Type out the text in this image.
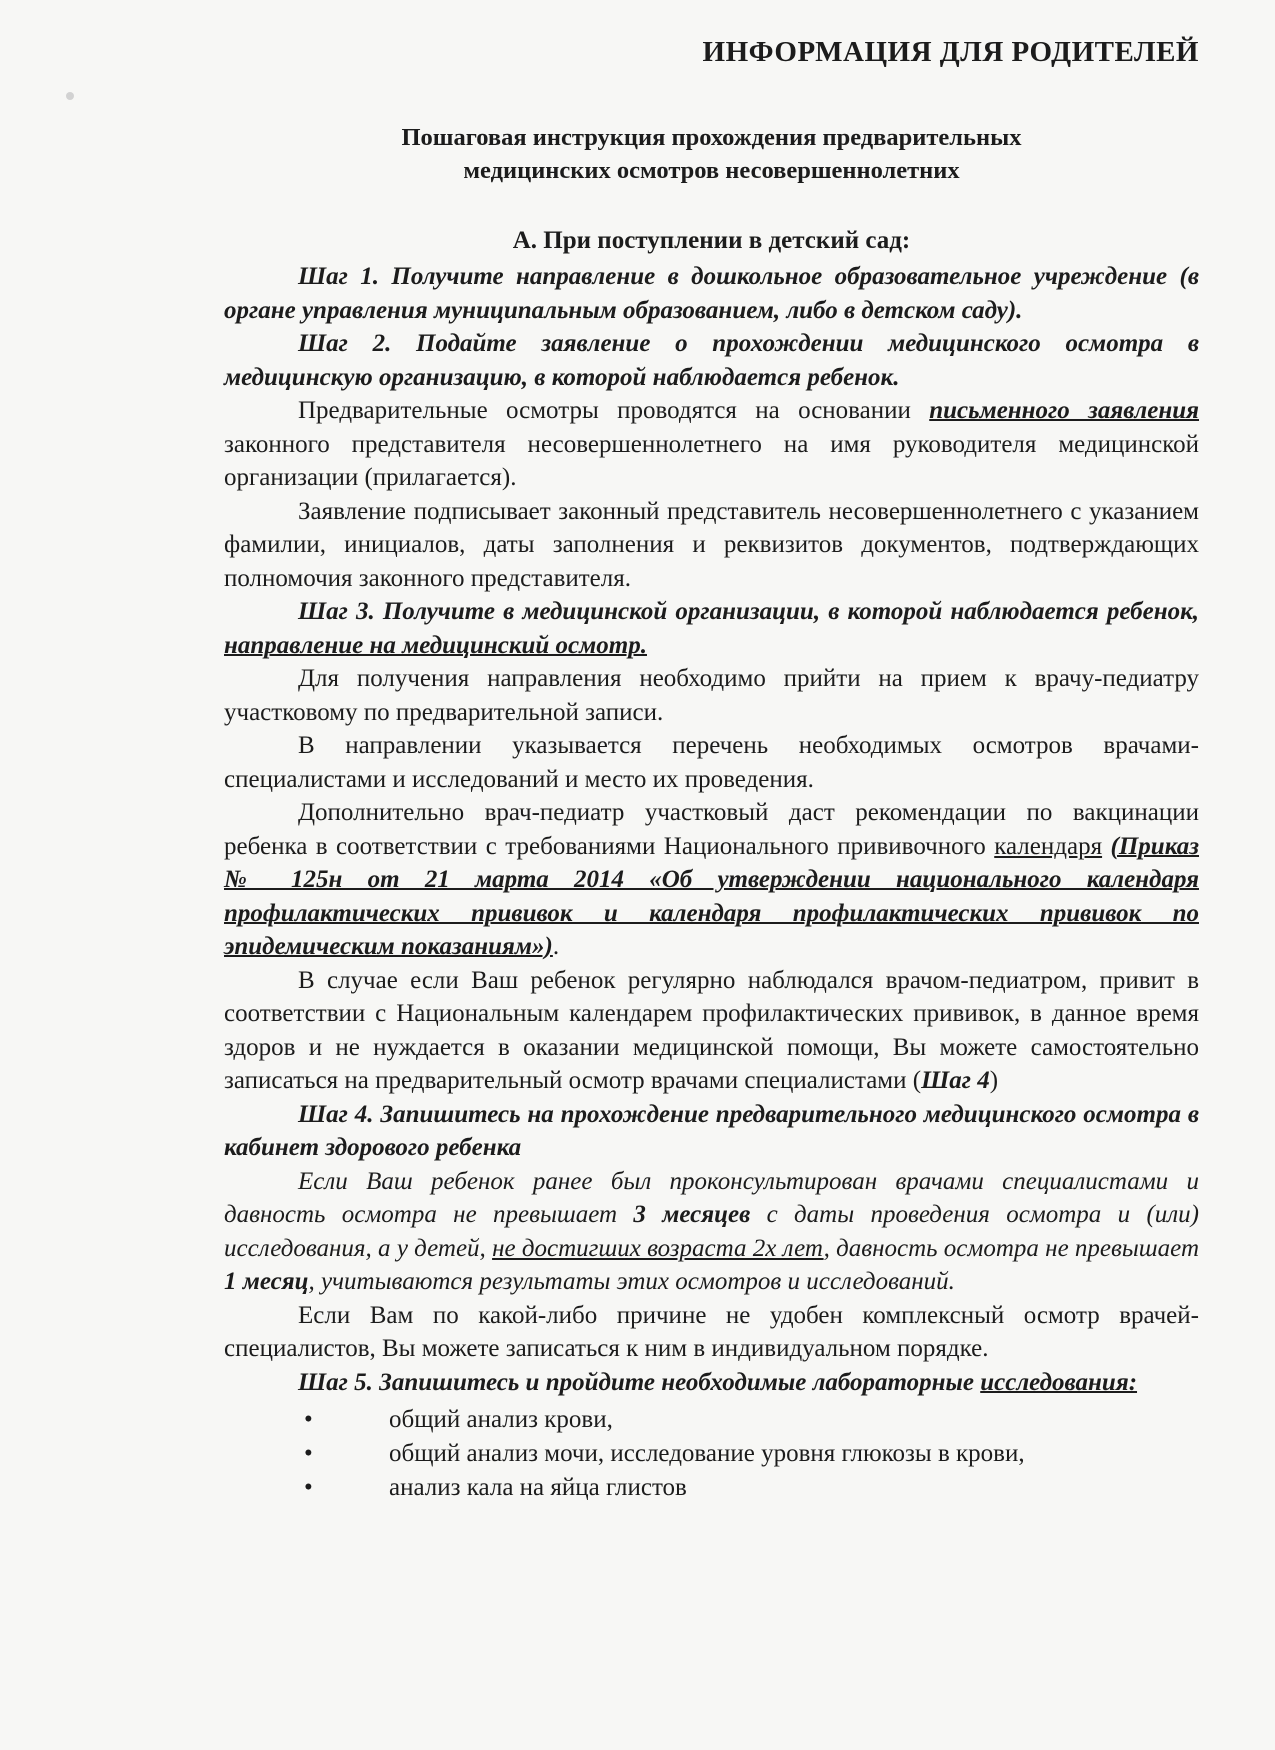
ИНФОРМАЦИЯ ДЛЯ РОДИТЕЛЕЙ
Пошаговая инструкция прохождения предварительных
медицинских осмотров несовершеннолетних
А. При поступлении в детский сад:

Шаг 1. Получите направление в дошкольное образовательное учреждение (в органе управления муниципальным образованием, либо в детском саду).

Шаг 2. Подайте заявление о прохождении медицинского осмотра в медицинскую организацию, в которой наблюдается ребенок.

Предварительные осмотры проводятся на основании письменного заявления законного представителя несовершеннолетнего на имя руководителя медицинской организации (прилагается).

Заявление подписывает законный представитель несовершеннолетнего с указанием фамилии, инициалов, даты заполнения и реквизитов документов, подтверждающих полномочия законного представителя.

Шаг 3. Получите в медицинской организации, в которой наблюдается ребенок, направление на медицинский осмотр.

Для получения направления необходимо прийти на прием к врачу-педиатру участковому по предварительной записи.

В направлении указывается перечень необходимых осмотров врачами-специалистами и исследований и место их проведения.

Дополнительно врач-педиатр участковый даст рекомендации по вакцинации ребенка в соответствии с требованиями Национального прививочного календаря (Приказ № 125н от 21 марта 2014 «Об утверждении национального календаря профилактических прививок и календаря профилактических прививок по эпидемическим показаниям»).

В случае если Ваш ребенок регулярно наблюдался врачом-педиатром, привит в соответствии с Национальным календарем профилактических прививок, в данное время здоров и не нуждается в оказании медицинской помощи, Вы можете самостоятельно записаться на предварительный осмотр врачами специалистами (Шаг 4)

Шаг 4. Запишитесь на прохождение предварительного медицинского осмотра в кабинет здорового ребенка

Если Ваш ребенок ранее был проконсультирован врачами специалистами и давность осмотра не превышает 3 месяцев с даты проведения осмотра и (или) исследования, а у детей, не достигших возраста 2х лет, давность осмотра не превышает 1 месяц, учитываются результаты этих осмотров и исследований.

Если Вам по какой-либо причине не удобен комплексный осмотр врачей-специалистов, Вы можете записаться к ним в индивидуальном порядке.

Шаг 5. Запишитесь и пройдите необходимые лабораторные исследования:

•	общий анализ крови,
•	общий анализ мочи, исследование уровня глюкозы в крови,
•	анализ кала на яйца глистов
